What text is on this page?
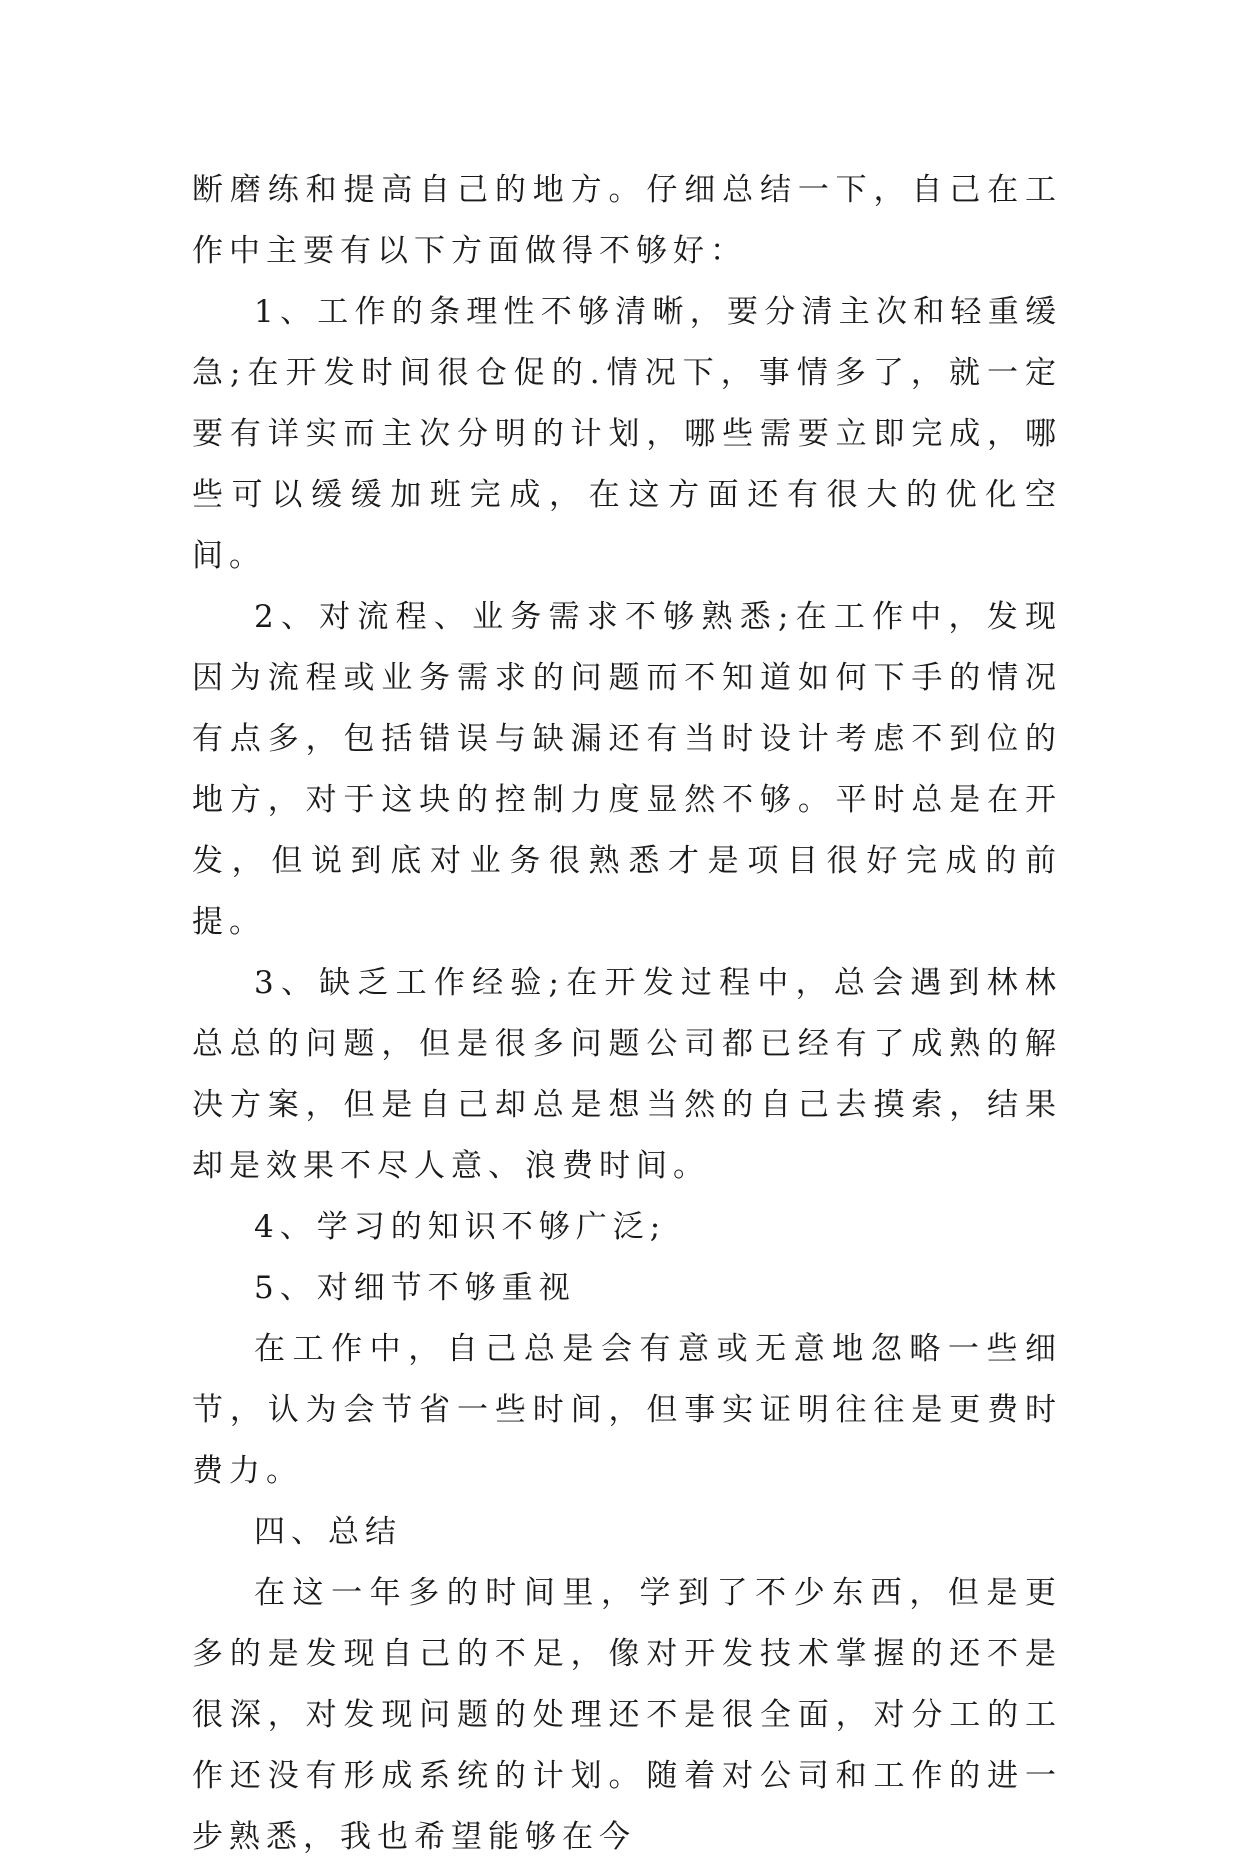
断磨练和提高自己的地方。仔细总结一下，自己在工作中主要有以下方面做得不够好：

1、工作的条理性不够清晰，要分清主次和轻重缓急;在开发时间很仓促的.情况下，事情多了，就一定要有详实而主次分明的计划，哪些需要立即完成，哪些可以缓缓加班完成，在这方面还有很大的优化空间。

2、对流程、业务需求不够熟悉;在工作中，发现因为流程或业务需求的问题而不知道如何下手的情况有点多，包括错误与缺漏还有当时设计考虑不到位的地方，对于这块的控制力度显然不够。平时总是在开发，但说到底对业务很熟悉才是项目很好完成的前提。

3、缺乏工作经验;在开发过程中，总会遇到林林总总的问题，但是很多问题公司都已经有了成熟的解决方案，但是自己却总是想当然的自己去摸索，结果却是效果不尽人意、浪费时间。

4、学习的知识不够广泛;

5、对细节不够重视

在工作中，自己总是会有意或无意地忽略一些细节，认为会节省一些时间，但事实证明往往是更费时费力。

四、总结

在这一年多的时间里，学到了不少东西，但是更多的是发现自己的不足，像对开发技术掌握的还不是很深，对发现问题的处理还不是很全面，对分工的工作还没有形成系统的计划。随着对公司和工作的进一步熟悉，我也希望能够在今
